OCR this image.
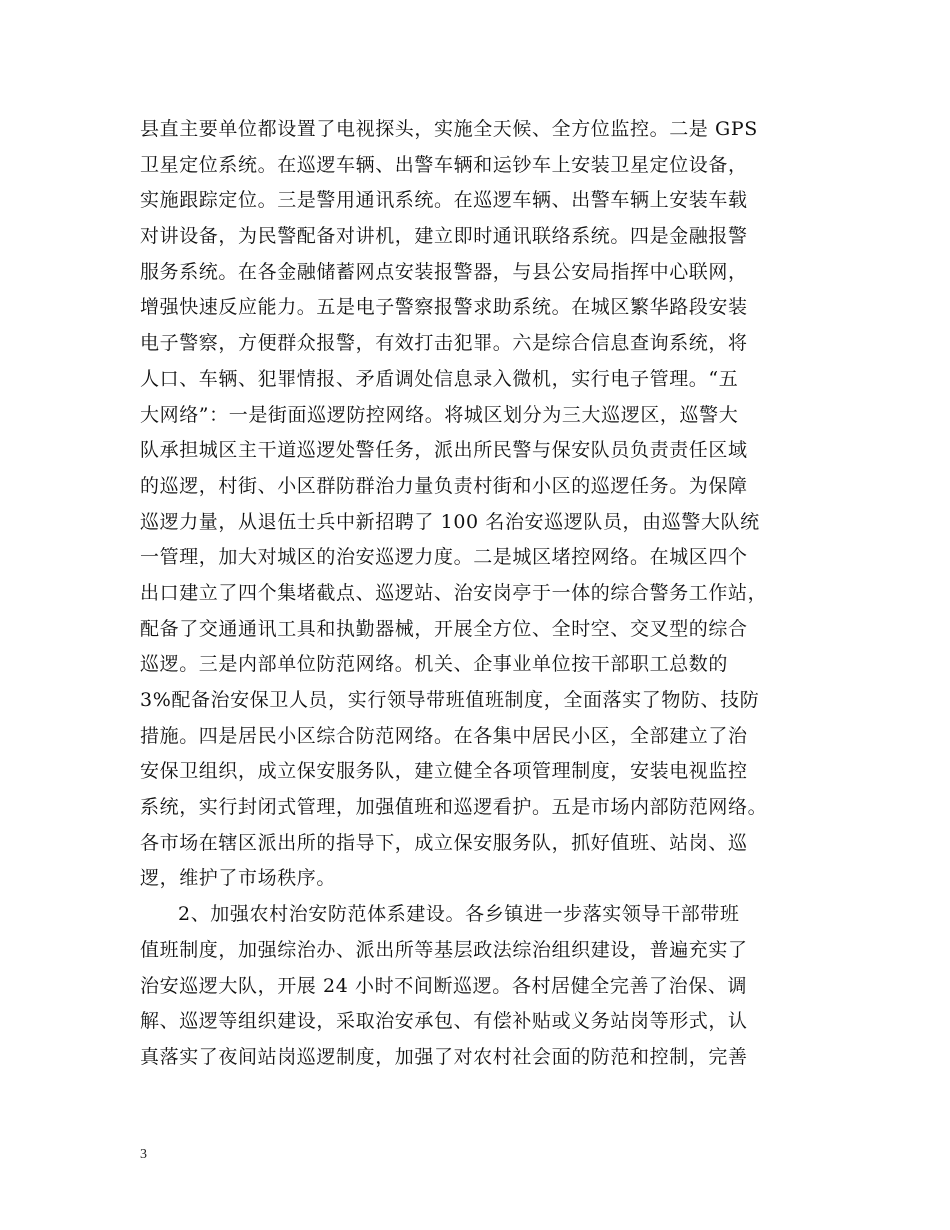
县直主要单位都设置了电视探头，实施全天候、全方位监控。二是 GPS
卫星定位系统。在巡逻车辆、出警车辆和运钞车上安装卫星定位设备，
实施跟踪定位。三是警用通讯系统。在巡逻车辆、出警车辆上安装车载
对讲设备，为民警配备对讲机，建立即时通讯联络系统。四是金融报警
服务系统。在各金融储蓄网点安装报警器，与县公安局指挥中心联网，
增强快速反应能力。五是电子警察报警求助系统。在城区繁华路段安装
电子警察，方便群众报警，有效打击犯罪。六是综合信息查询系统，将
人口、车辆、犯罪情报、矛盾调处信息录入微机，实行电子管理。“五
大网络”：一是街面巡逻防控网络。将城区划分为三大巡逻区，巡警大
队承担城区主干道巡逻处警任务，派出所民警与保安队员负责责任区域
的巡逻，村街、小区群防群治力量负责村街和小区的巡逻任务。为保障
巡逻力量，从退伍士兵中新招聘了 100 名治安巡逻队员，由巡警大队统
一管理，加大对城区的治安巡逻力度。二是城区堵控网络。在城区四个
出口建立了四个集堵截点、巡逻站、治安岗亭于一体的综合警务工作站，
配备了交通通讯工具和执勤器械，开展全方位、全时空、交叉型的综合
巡逻。三是内部单位防范网络。机关、企事业单位按干部职工总数的
3%配备治安保卫人员，实行领导带班值班制度，全面落实了物防、技防
措施。四是居民小区综合防范网络。在各集中居民小区，全部建立了治
安保卫组织，成立保安服务队，建立健全各项管理制度，安装电视监控
系统，实行封闭式管理，加强值班和巡逻看护。五是市场内部防范网络。
各市场在辖区派出所的指导下，成立保安服务队，抓好值班、站岗、巡
逻，维护了市场秩序。
2、加强农村治安防范体系建设。各乡镇进一步落实领导干部带班
值班制度，加强综治办、派出所等基层政法综治组织建设，普遍充实了
治安巡逻大队，开展 24 小时不间断巡逻。各村居健全完善了治保、调
解、巡逻等组织建设，采取治安承包、有偿补贴或义务站岗等形式，认
真落实了夜间站岗巡逻制度，加强了对农村社会面的防范和控制，完善
3
